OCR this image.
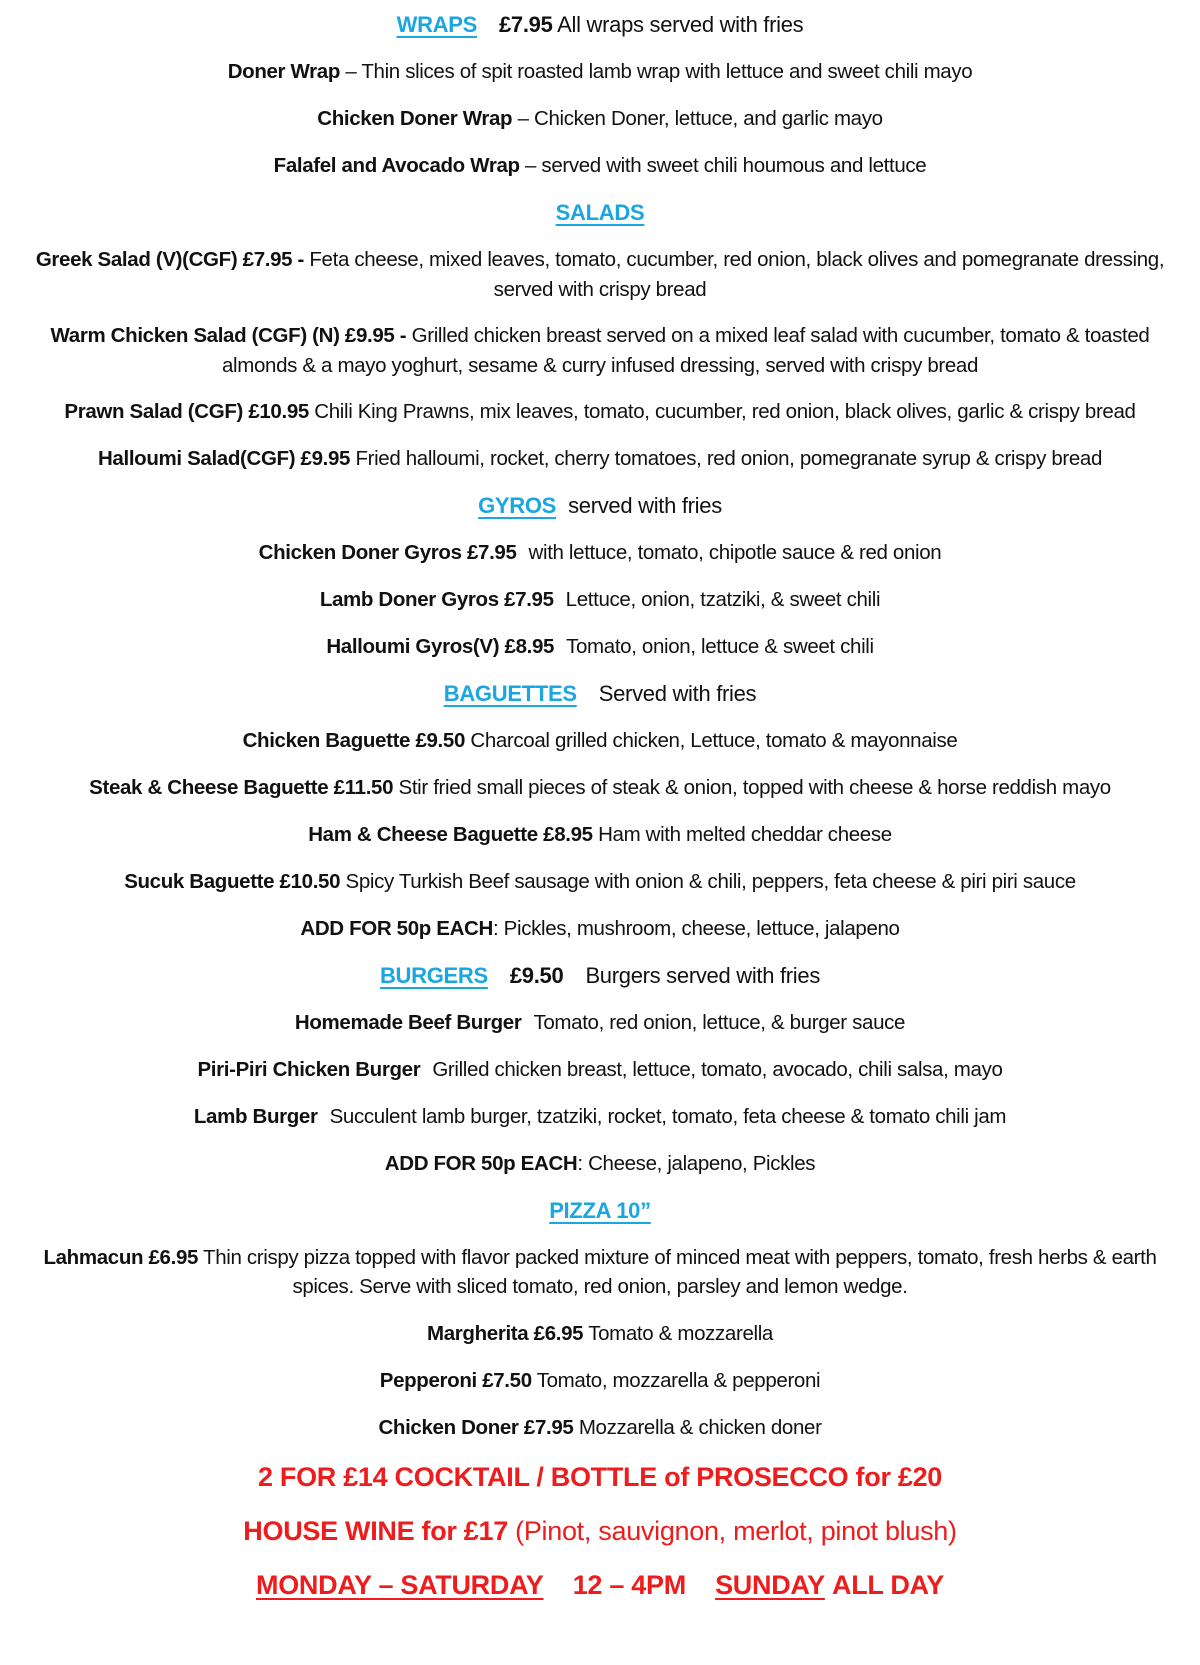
WRAPS £7.95 All wraps served with fries
Doner Wrap – Thin slices of spit roasted lamb wrap with lettuce and sweet chili mayo
Chicken Doner Wrap – Chicken Doner, lettuce, and garlic mayo
Falafel and Avocado Wrap – served with sweet chili houmous and lettuce
SALADS
Greek Salad (V)(CGF) £7.95 - Feta cheese, mixed leaves, tomato, cucumber, red onion, black olives and pomegranate dressing, served with crispy bread
Warm Chicken Salad (CGF) (N) £9.95 - Grilled chicken breast served on a mixed leaf salad with cucumber, tomato & toasted almonds & a mayo yoghurt, sesame & curry infused dressing, served with crispy bread
Prawn Salad (CGF) £10.95 Chili King Prawns, mix leaves, tomato, cucumber, red onion, black olives, garlic & crispy bread
Halloumi Salad(CGF) £9.95 Fried halloumi, rocket, cherry tomatoes, red onion, pomegranate syrup & crispy bread
GYROS served with fries
Chicken Doner Gyros £7.95 with lettuce, tomato, chipotle sauce & red onion
Lamb Doner Gyros £7.95 Lettuce, onion, tzatziki, & sweet chili
Halloumi Gyros(V) £8.95 Tomato, onion, lettuce & sweet chili
BAGUETTES Served with fries
Chicken Baguette £9.50 Charcoal grilled chicken, Lettuce, tomato & mayonnaise
Steak & Cheese Baguette £11.50 Stir fried small pieces of steak & onion, topped with cheese & horse reddish mayo
Ham & Cheese Baguette £8.95 Ham with melted cheddar cheese
Sucuk Baguette £10.50 Spicy Turkish Beef sausage with onion & chili, peppers, feta cheese & piri piri sauce
ADD FOR 50p EACH: Pickles, mushroom, cheese, lettuce, jalapeno
BURGERS £9.50 Burgers served with fries
Homemade Beef Burger Tomato, red onion, lettuce, & burger sauce
Piri-Piri Chicken Burger Grilled chicken breast, lettuce, tomato, avocado, chili salsa, mayo
Lamb Burger Succulent lamb burger, tzatziki, rocket, tomato, feta cheese & tomato chili jam
ADD FOR 50p EACH: Cheese, jalapeno, Pickles
PIZZA 10”
Lahmacun £6.95 Thin crispy pizza topped with flavor packed mixture of minced meat with peppers, tomato, fresh herbs & earth spices. Serve with sliced tomato, red onion, parsley and lemon wedge.
Margherita £6.95 Tomato & mozzarella
Pepperoni £7.50 Tomato, mozzarella & pepperoni
Chicken Doner £7.95 Mozzarella & chicken doner
2 FOR £14 COCKTAIL / BOTTLE of PROSECCO for £20
HOUSE WINE for £17 (Pinot, sauvignon, merlot, pinot blush)
MONDAY – SATURDAY 12 – 4PM SUNDAY ALL DAY
